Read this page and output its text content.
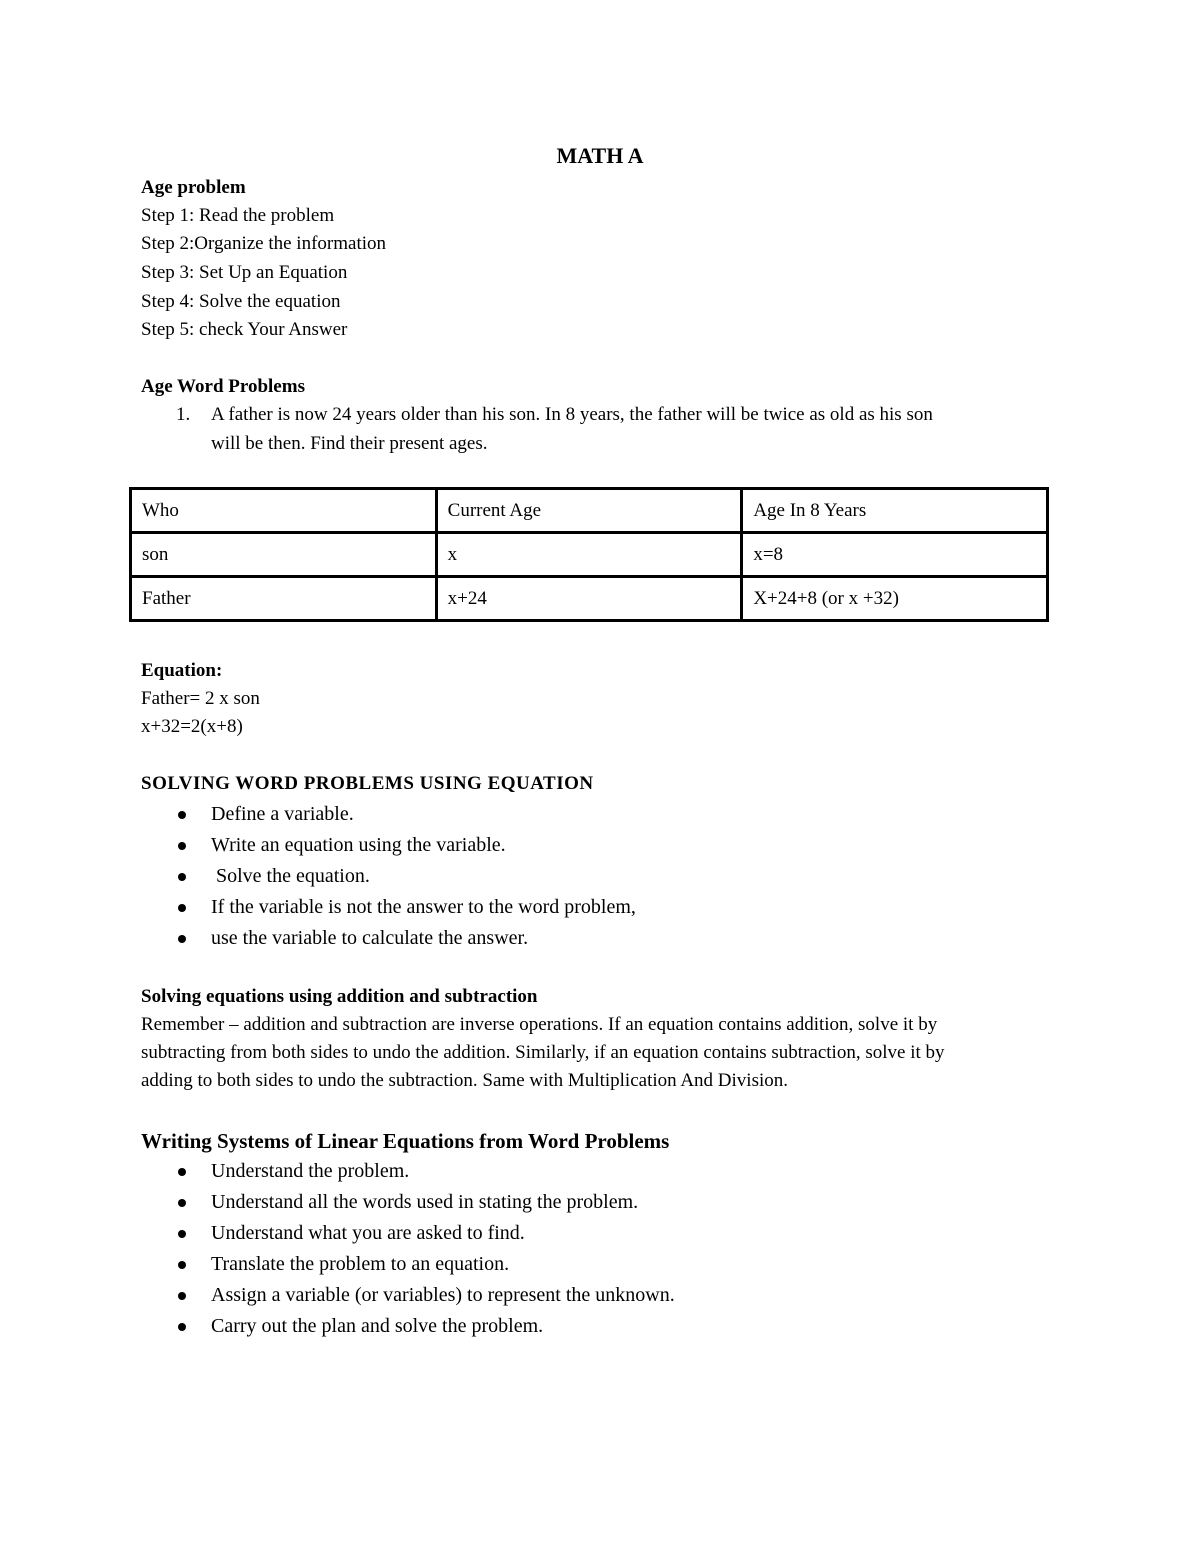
MATH A
Age problem
Step 1: Read the problem
Step 2:Organize the information
Step 3: Set Up an Equation
Step 4: Solve the equation
Step 5: check Your Answer
Age Word Problems
1. A father is now 24 years older than his son. In 8 years, the father will be twice as old as his son
will be then. Find their present ages.
Who	Current Age	Age In 8 Years
son	x	x=8
Father	x+24	X+24+8 (or x +32)
Equation:
Father= 2 x son
x+32=2(x+8)
SOLVING WORD PROBLEMS USING EQUATION
Define a variable.
Write an equation using the variable.
Solve the equation.
If the variable is not the answer to the word problem,
use the variable to calculate the answer.
Solving equations using addition and subtraction
Remember – addition and subtraction are inverse operations. If an equation contains addition, solve it by
subtracting from both sides to undo the addition. Similarly, if an equation contains subtraction, solve it by
adding to both sides to undo the subtraction. Same with Multiplication And Division.
Writing Systems of Linear Equations from Word Problems
Understand the problem.
Understand all the words used in stating the problem.
Understand what you are asked to find.
Translate the problem to an equation.
Assign a variable (or variables) to represent the unknown.
Carry out the plan and solve the problem.
